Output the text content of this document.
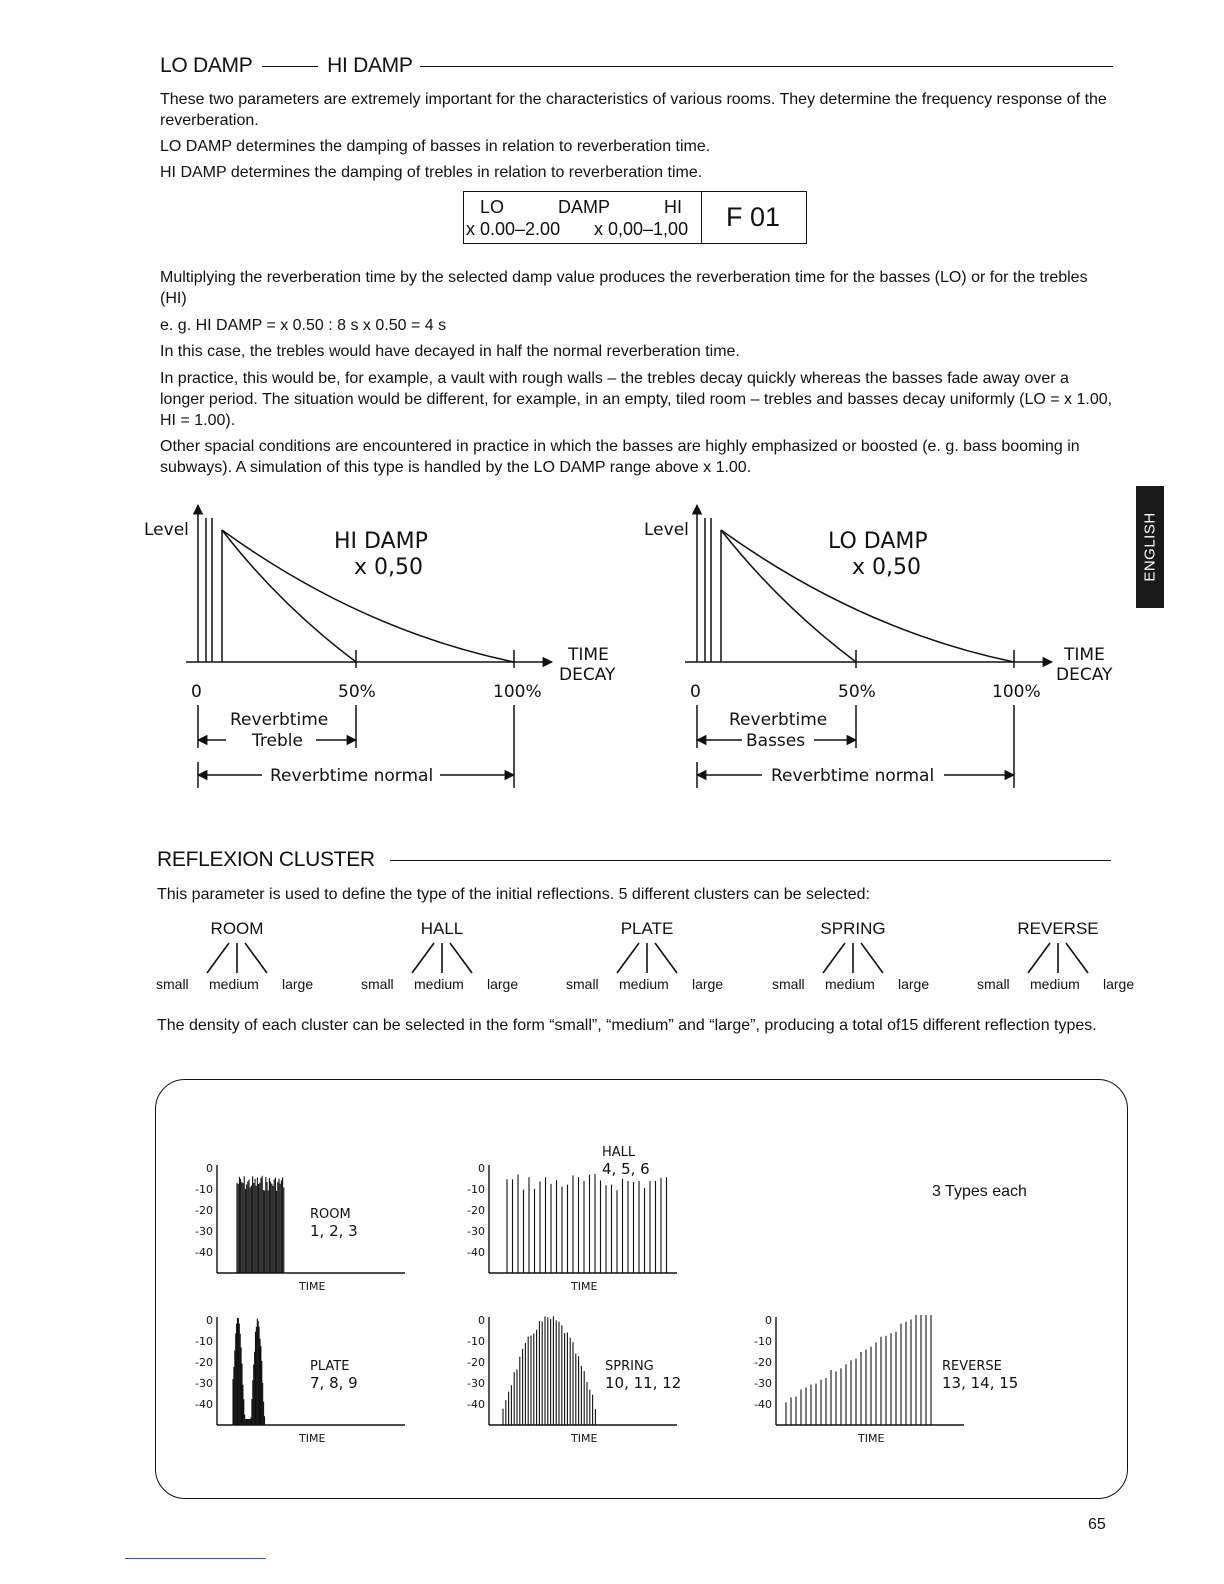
LO DAMP	HI DAMP
These two parameters are extremely important for the characteristics of various rooms. They determine the frequency response of the reverberation.
LO DAMP determines the damping of basses in relation to reverberation time.
HI DAMP determines the damping of trebles in relation to reverberation time.
LO	DAMP	HI
x 0.00–2.00 x 0,00–1,00 F 01
Multiplying the reverberation time by the selected damp value produces the reverberation time for the basses (LO) or for the trebles (HI)
e. g. HI DAMP = x 0.50 : 8 s x 0.50 = 4 s
In this case, the trebles would have decayed in half the normal reverberation time.
In practice, this would be, for example, a vault with rough walls – the trebles decay quickly whereas the basses fade away over a longer period. The situation would be different, for example, in an empty, tiled room – trebles and basses decay uniformly (LO = x 1.00, HI = 1.00).
Other spacial conditions are encountered in practice in which the basses are highly emphasized or boosted (e. g. bass booming in subways). A simulation of this type is handled by the LO DAMP range above x 1.00.
ENGLISH
Level	HI DAMP
x 0,50
TIME
DECAY
0	50%	100%
Reverbtime
Treble
Reverbtime normal
Level	LO DAMP
x 0,50
TIME
DECAY
0	50%	100%
Reverbtime
Basses
Reverbtime normal
REFLEXION CLUSTER
This parameter is used to define the type of the initial reflections. 5 different clusters can be selected:
ROOM
small medium large
HALL
small medium large
PLATE
small medium large
SPRING
small medium large
REVERSE
small medium large
The density of each cluster can be selected in the form “small”, “medium” and “large”, producing a total of15 different reflection types.
3 Types each
0
-10
-20
-30
-40
TIME
ROOM
1, 2, 3
0
-10
-20
-30
-40
TIME
HALL
4, 5, 6
0
-10
-20
-30
-40
TIME
PLATE
7, 8, 9
0
-10
-20
-30
-40
TIME
SPRING
10, 11, 12
0
-10
-20
-30
-40
TIME
REVERSE
13, 14, 15
65
